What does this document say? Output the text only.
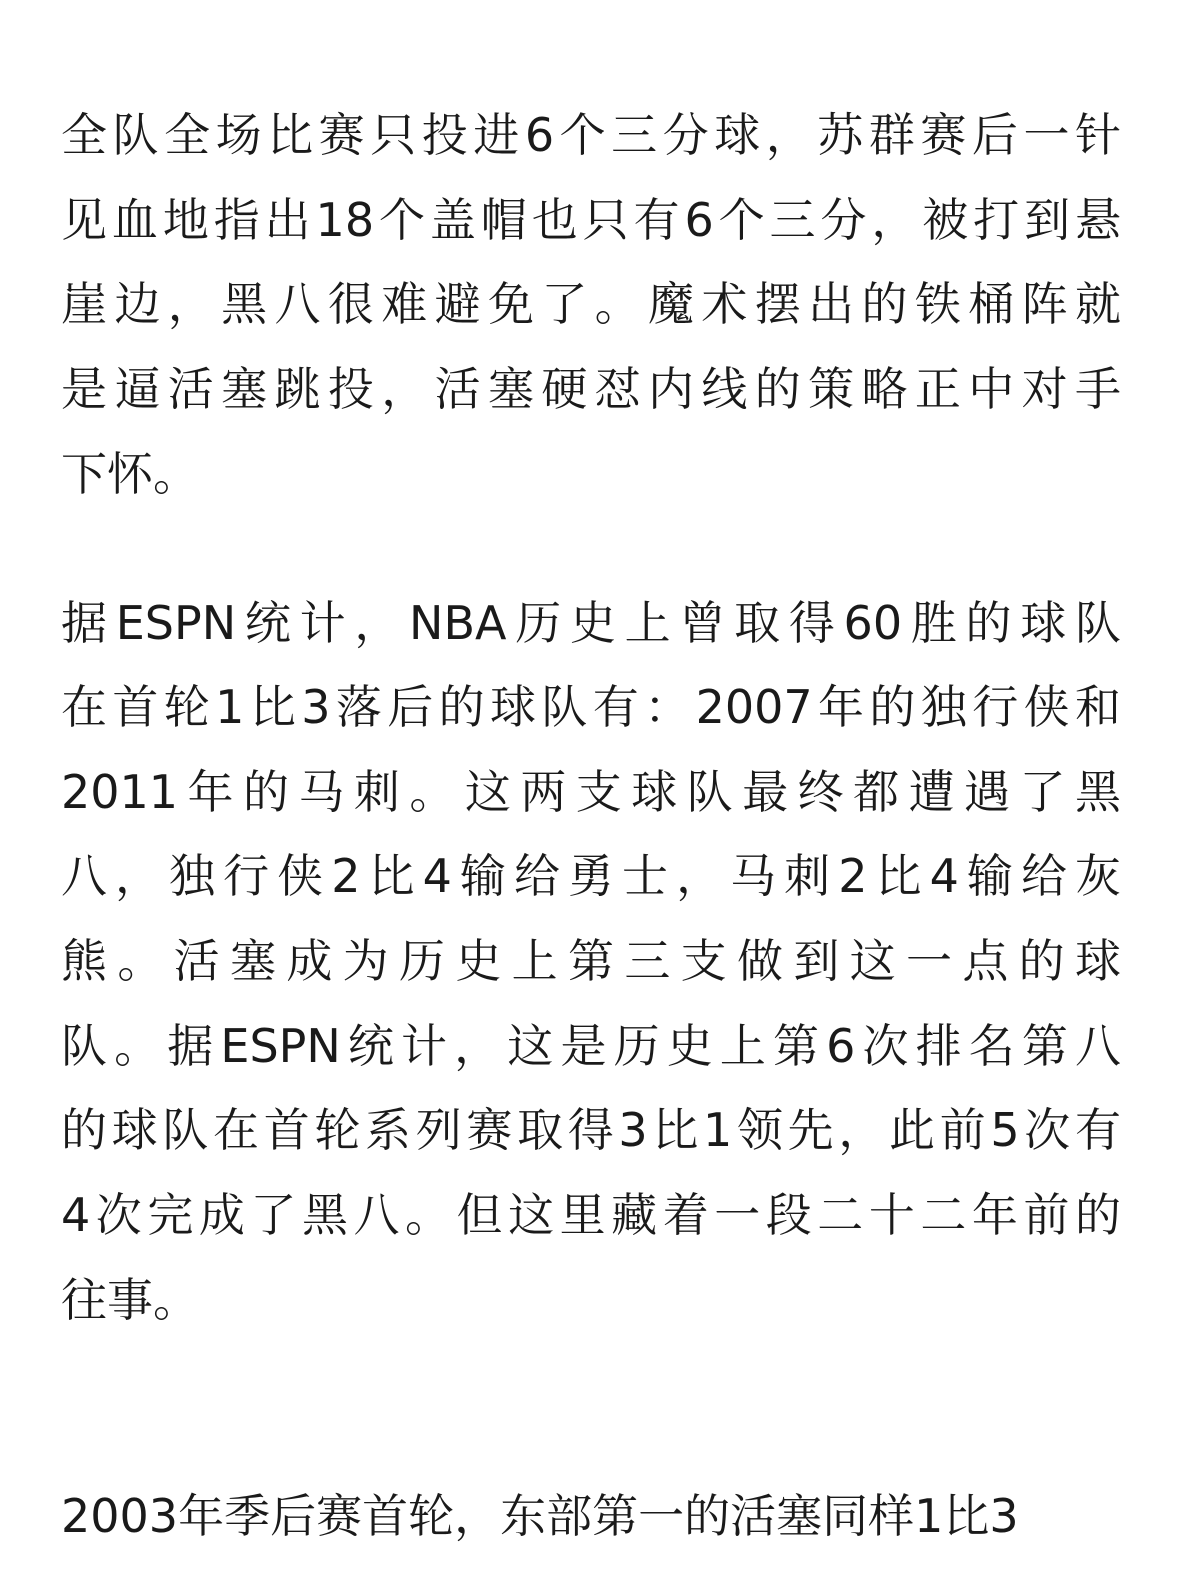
全队全场比赛只投进6个三分球，苏群赛后一针
见血地指出18个盖帽也只有6个三分，被打到悬
崖边，黑八很难避免了。魔术摆出的铁桶阵就
是逼活塞跳投，活塞硬怼内线的策略正中对手
下怀。
据ESPN统计，NBA历史上曾取得60胜的球队
在首轮1比3落后的球队有：2007年的独行侠和
2011年的马刺。这两支球队最终都遭遇了黑
八，独行侠2比4输给勇士，马刺2比4输给灰
熊。活塞成为历史上第三支做到这一点的球
队。据ESPN统计，这是历史上第6次排名第八
的球队在首轮系列赛取得3比1领先，此前5次有
4次完成了黑八。但这里藏着一段二十二年前的
往事。
2003年季后赛首轮，东部第一的活塞同样1比3
